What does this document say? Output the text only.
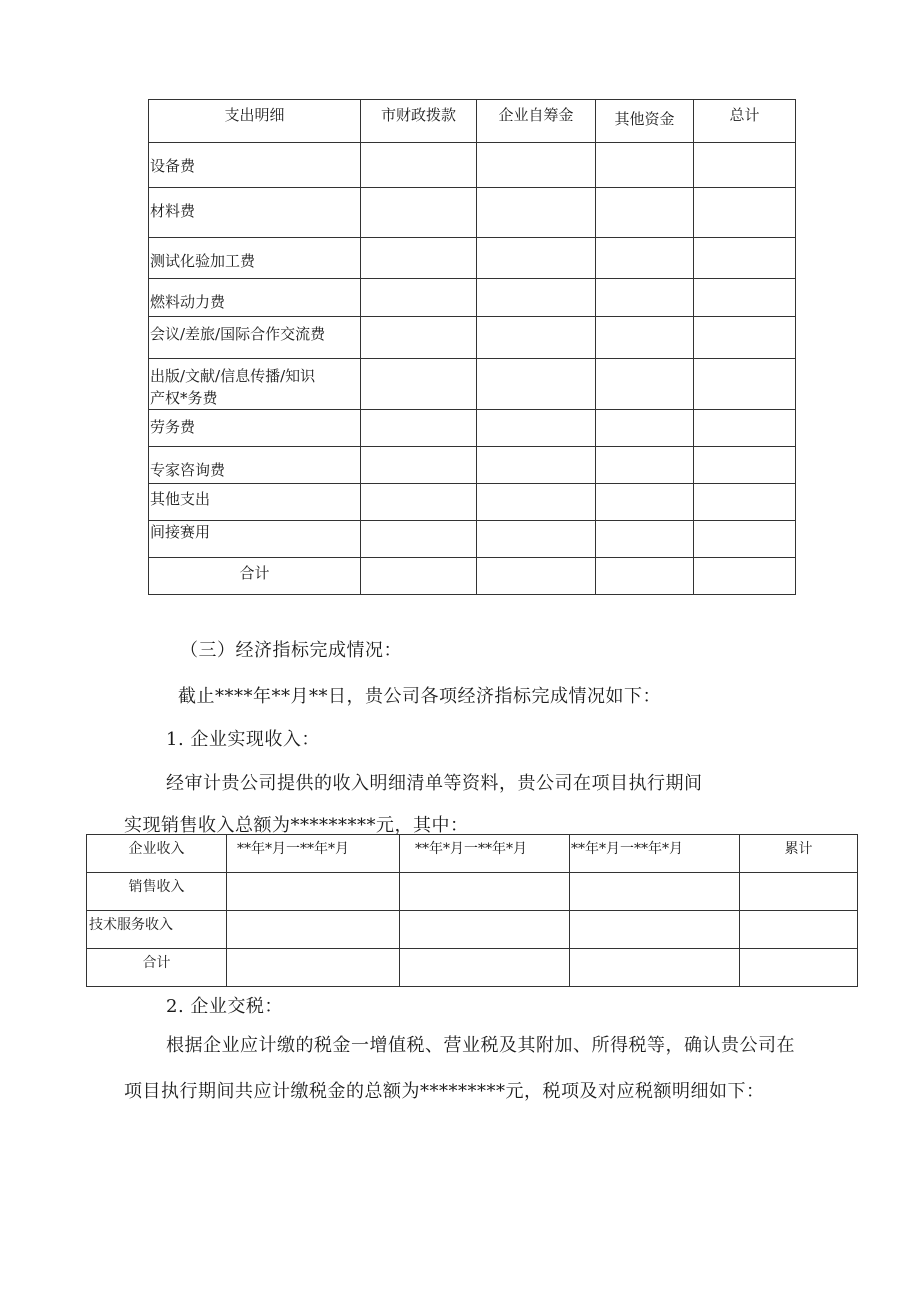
支出明细	市财政拨款	企业自筹金	其他资金	总计
设备费				
材料费				
测试化验加工费				
燃料动力费				
会议/差旅/国际合作交流费				

出版/文献/信息传播/知识
产权*务费				

劳务费				
专家咨询费				
其他支出				
间接赛用				
合计				
（三）经济指标完成情况：
截止****年**月**日，贵公司各项经济指标完成情况如下：
1. 企业实现收入：
经审计贵公司提供的收入明细清单等资料，贵公司在项目执行期间
实现销售收入总额为*********元，其中：
企业收入	**年*月一**年*月	**年*月一**年*月	**年*月一**年*月	累计
销售收入				
技术服务收入				
合计				
2. 企业交税：
根据企业应计缴的税金一增值税、营业税及其附加、所得税等，确认贵公司在
项目执行期间共应计缴税金的总额为*********元，税项及对应税额明细如下：
